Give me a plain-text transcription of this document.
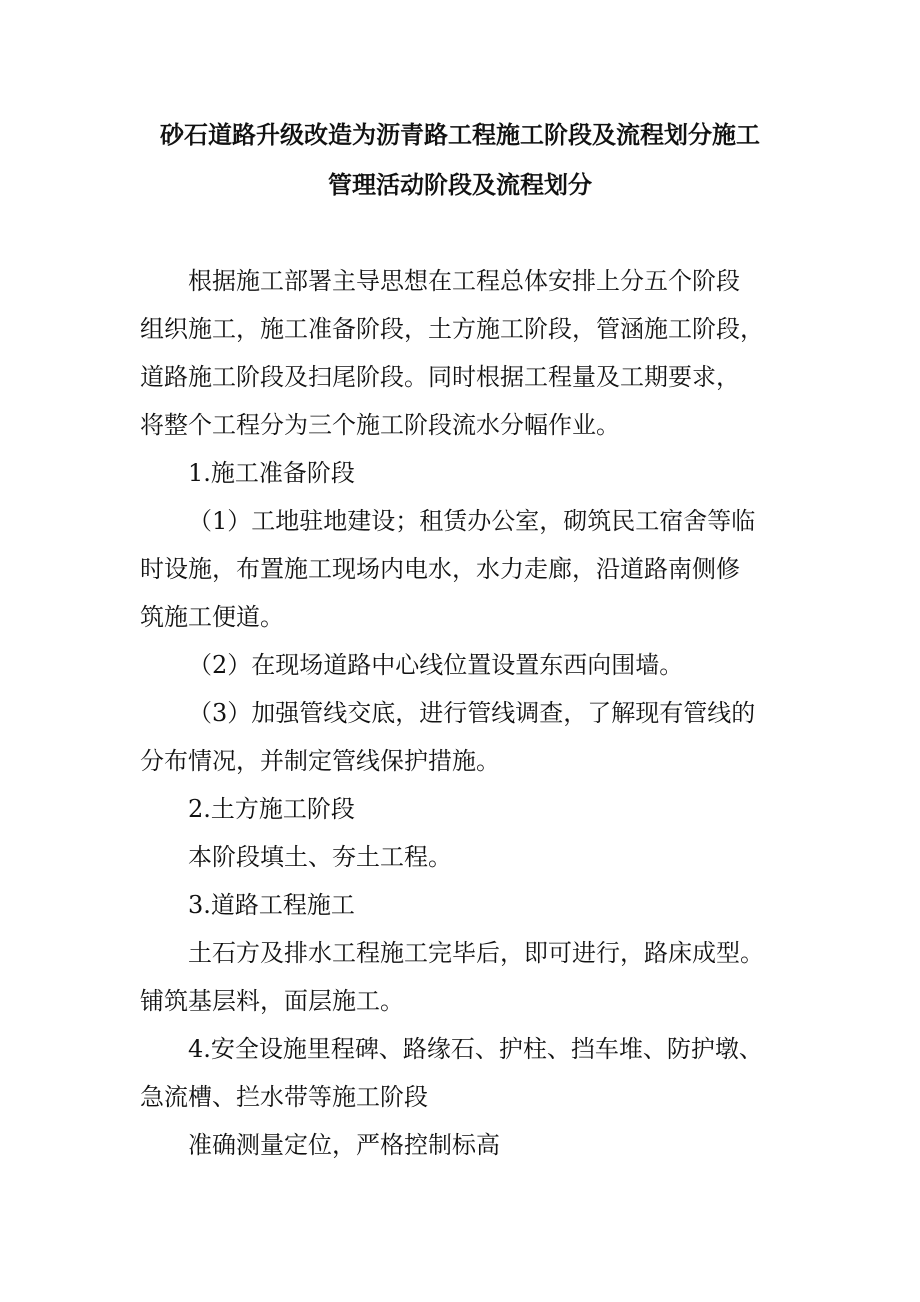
砂石道路升级改造为沥青路工程施工阶段及流程划分施工
管理活动阶段及流程划分
根据施工部署主导思想在工程总体安排上分五个阶段
组织施工，施工准备阶段，土方施工阶段，管涵施工阶段，
道路施工阶段及扫尾阶段。同时根据工程量及工期要求，
将整个工程分为三个施工阶段流水分幅作业。
1.施工准备阶段
（1）工地驻地建设；租赁办公室，砌筑民工宿舍等临
时设施，布置施工现场内电水，水力走廊，沿道路南侧修
筑施工便道。
（2）在现场道路中心线位置设置东西向围墙。
（3）加强管线交底，进行管线调查，了解现有管线的
分布情况，并制定管线保护措施。
2.土方施工阶段
本阶段填土、夯土工程。
3.道路工程施工
土石方及排水工程施工完毕后，即可进行，路床成型。
铺筑基层料，面层施工。
4.安全设施里程碑、路缘石、护柱、挡车堆、防护墩、
急流槽、拦水带等施工阶段
准确测量定位，严格控制标高
